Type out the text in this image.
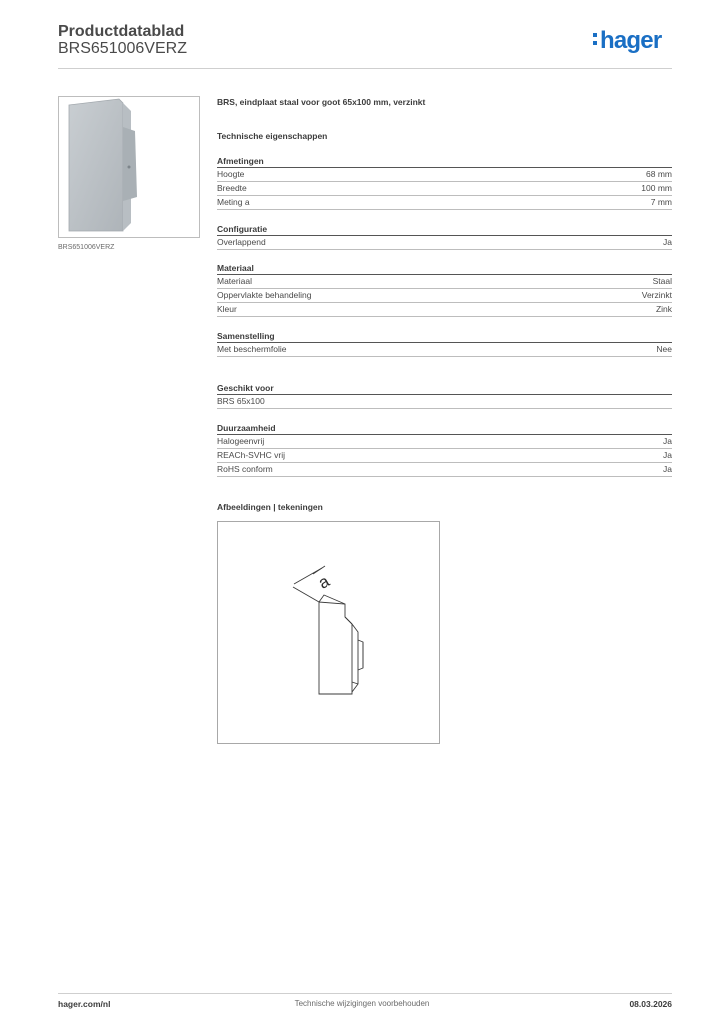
Productdatablad
BRS651006VERZ	hager
BRS651006VERZ
BRS, eindplaat staal voor goot 65x100 mm, verzinkt
Technische eigenschappen
Afmetingen
Hoogte	68 mm
Breedte	100 mm
Meting a	7 mm
Configuratie
Overlappend	Ja
Materiaal
Materiaal	Staal
Oppervlakte behandeling	Verzinkt
Kleur	Zink
Samenstelling
Met beschermfolie	Nee
Geschikt voor
BRS 65x100
Duurzaamheid
Halogeenvrij	Ja
REACh-SVHC vrij	Ja
RoHS conform	Ja
Afbeeldingen | tekeningen
a
hager.com/nl	Technische wijzigingen voorbehouden	08.03.2026
